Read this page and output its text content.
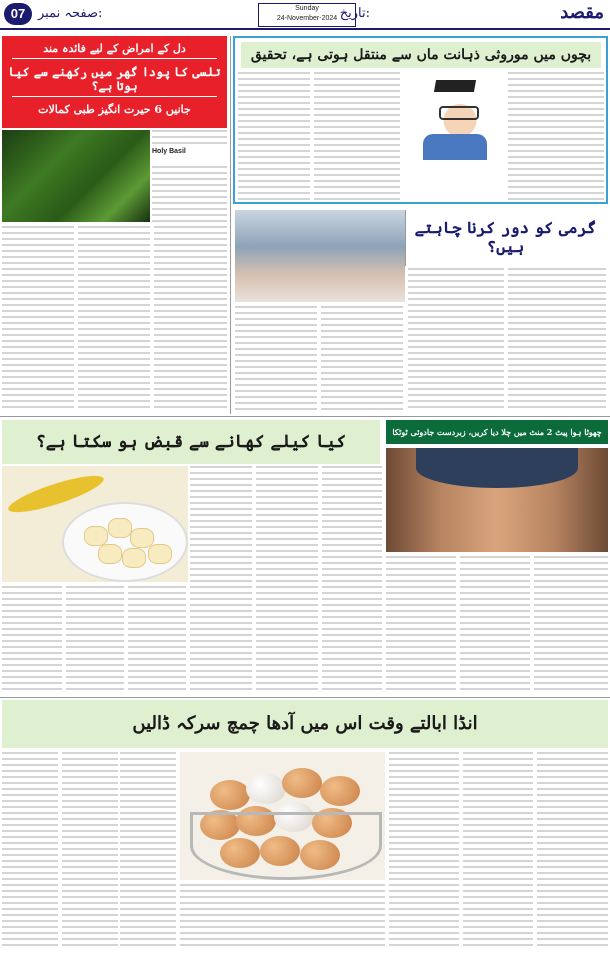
مقصد
تاریخ:
Sunday
24-November-2024
صفحہ نمبر:
07
دل کے امراض کے لیے فائدہ مند
تلسی کا پودا گھر میں رکھنے سے کیا ہوتا ہے؟
جانیں 6 حیرت انگیز طبی کمالات
Holy Basil
بچوں میں موروثی ذہانت ماں سے منتقل ہوتی ہے، تحقیق
گرمی کو دور کرنا چاہتے ہیں؟
کیا کیلے کھانے سے قبض ہو سکتا ہے؟	چھوٹا ہوا پیٹ 2 منٹ میں چلا دیا کریں، زبردست جادوئی ٹوٹکا
انڈا ابالتے وقت اس میں آدھا چمچ سرکہ ڈالیں
